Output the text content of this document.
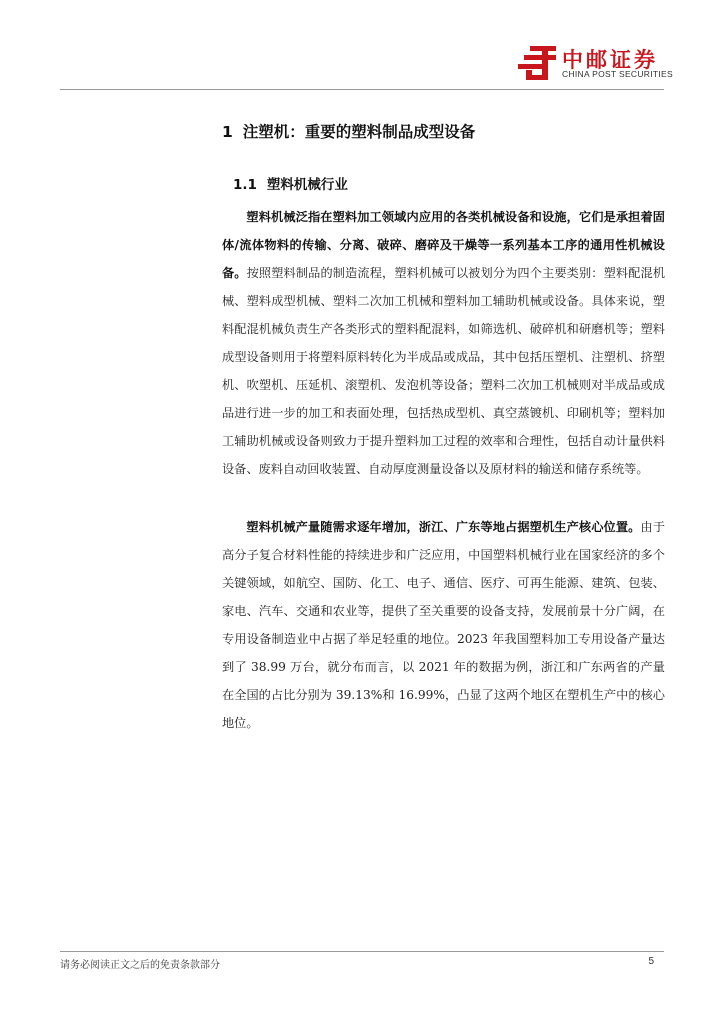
中邮证券
CHINA POST SECURITIES
1 注塑机：重要的塑料制品成型设备
1.1 塑料机械行业

塑料机械泛指在塑料加工领域内应用的各类机械设备和设施，它们是承担着固体/流体物料的传输、分离、破碎、磨碎及干燥等一系列基本工序的通用性机械设备。按照塑料制品的制造流程，塑料机械可以被划分为四个主要类别：塑料配混机械、塑料成型机械、塑料二次加工机械和塑料加工辅助机械或设备。具体来说，塑料配混机械负责生产各类形式的塑料配混料，如筛选机、破碎机和研磨机等；塑料成型设备则用于将塑料原料转化为半成品或成品，其中包括压塑机、注塑机、挤塑机、吹塑机、压延机、滚塑机、发泡机等设备；塑料二次加工机械则对半成品或成品进行进一步的加工和表面处理，包括热成型机、真空蒸镀机、印刷机等；塑料加工辅助机械或设备则致力于提升塑料加工过程的效率和合理性，包括自动计量供料设备、废料自动回收装置、自动厚度测量设备以及原材料的输送和储存系统等。

塑料机械产量随需求逐年增加，浙江、广东等地占据塑机生产核心位置。由于高分子复合材料性能的持续进步和广泛应用，中国塑料机械行业在国家经济的多个关键领域，如航空、国防、化工、电子、通信、医疗、可再生能源、建筑、包装、家电、汽车、交通和农业等，提供了至关重要的设备支持，发展前景十分广阔，在专用设备制造业中占据了举足轻重的地位。2023 年我国塑料加工专用设备产量达到了 38.99 万台，就分布而言，以 2021 年的数据为例，浙江和广东两省的产量在全国的占比分别为 39.13%和 16.99%，凸显了这两个地区在塑机生产中的核心地位。

请务必阅读正文之后的免责条款部分	5
